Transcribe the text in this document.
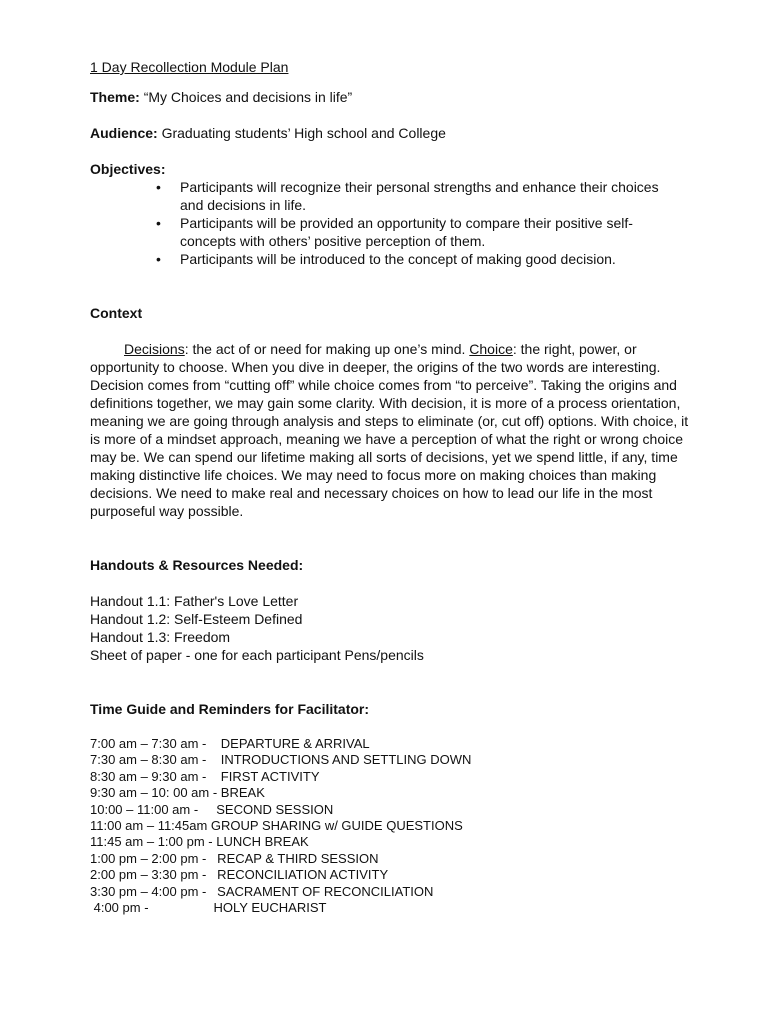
1 Day Recollection Module Plan
Theme: “My Choices and decisions in life”
Audience: Graduating students’ High school and College
Objectives:
• Participants will recognize their personal strengths and enhance their choices and decisions in life.
• Participants will be provided an opportunity to compare their positive self-concepts with others’ positive perception of them.
• Participants will be introduced to the concept of making good decision.
Context

Decisions: the act of or need for making up one’s mind. Choice: the right, power, or opportunity to choose. When you dive in deeper, the origins of the two words are interesting. Decision comes from “cutting off” while choice comes from “to perceive”. Taking the origins and definitions together, we may gain some clarity. With decision, it is more of a process orientation, meaning we are going through analysis and steps to eliminate (or, cut off) options. With choice, it is more of a mindset approach, meaning we have a perception of what the right or wrong choice may be. We can spend our lifetime making all sorts of decisions, yet we spend little, if any, time making distinctive life choices. We may need to focus more on making choices than making decisions. We need to make real and necessary choices on how to lead our life in the most purposeful way possible.

Handouts & Resources Needed:
Handout 1.1: Father's Love Letter
Handout 1.2: Self-Esteem Defined
Handout 1.3: Freedom
Sheet of paper - one for each participant Pens/pencils
Time Guide and Reminders for Facilitator:
7:00 am – 7:30 am -    DEPARTURE & ARRIVAL
7:30 am – 8:30 am -    INTRODUCTIONS AND SETTLING DOWN
8:30 am – 9:30 am -    FIRST ACTIVITY
9:30 am – 10: 00 am - BREAK
10:00 – 11:00 am -     SECOND SESSION
11:00 am – 11:45am GROUP SHARING w/ GUIDE QUESTIONS
11:45 am – 1:00 pm - LUNCH BREAK
1:00 pm – 2:00 pm -   RECAP & THIRD SESSION
2:00 pm – 3:30 pm -   RECONCILIATION ACTIVITY
3:30 pm – 4:00 pm -   SACRAMENT OF RECONCILIATION
4:00 pm -                  HOLY EUCHARIST
